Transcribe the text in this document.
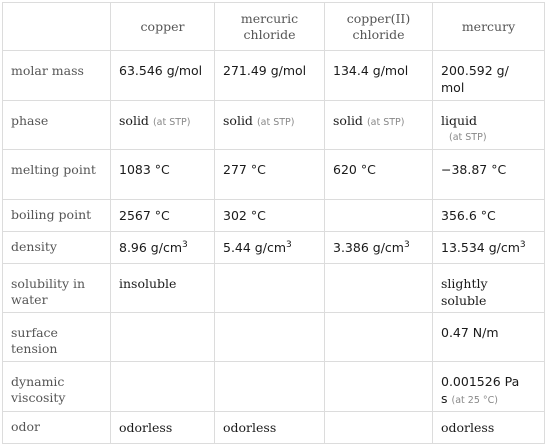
	copper	mercuric chloride	copper(II) chloride	mercury
molar mass	63.546 g/mol	271.49 g/mol	134.4 g/mol	200.592 g/ mol
phase	solid (at STP)	solid (at STP)	solid (at STP)	liquid
(at STP)

melting point	1083 °C	277 °C	620 °C	−38.87 °C
boiling point	2567 °C	302 °C		356.6 °C
density	8.96 $g/cm^3$	5.44 $g/cm^3$	3.386 $g/cm^3$	13.534 $g/cm^3$
solubility in water	insoluble			slightly soluble
surface tension				0.47 N/m
dynamic viscosity				0.001526 Pa s (at 25 °C)
odor	odorless	odorless		odorless
